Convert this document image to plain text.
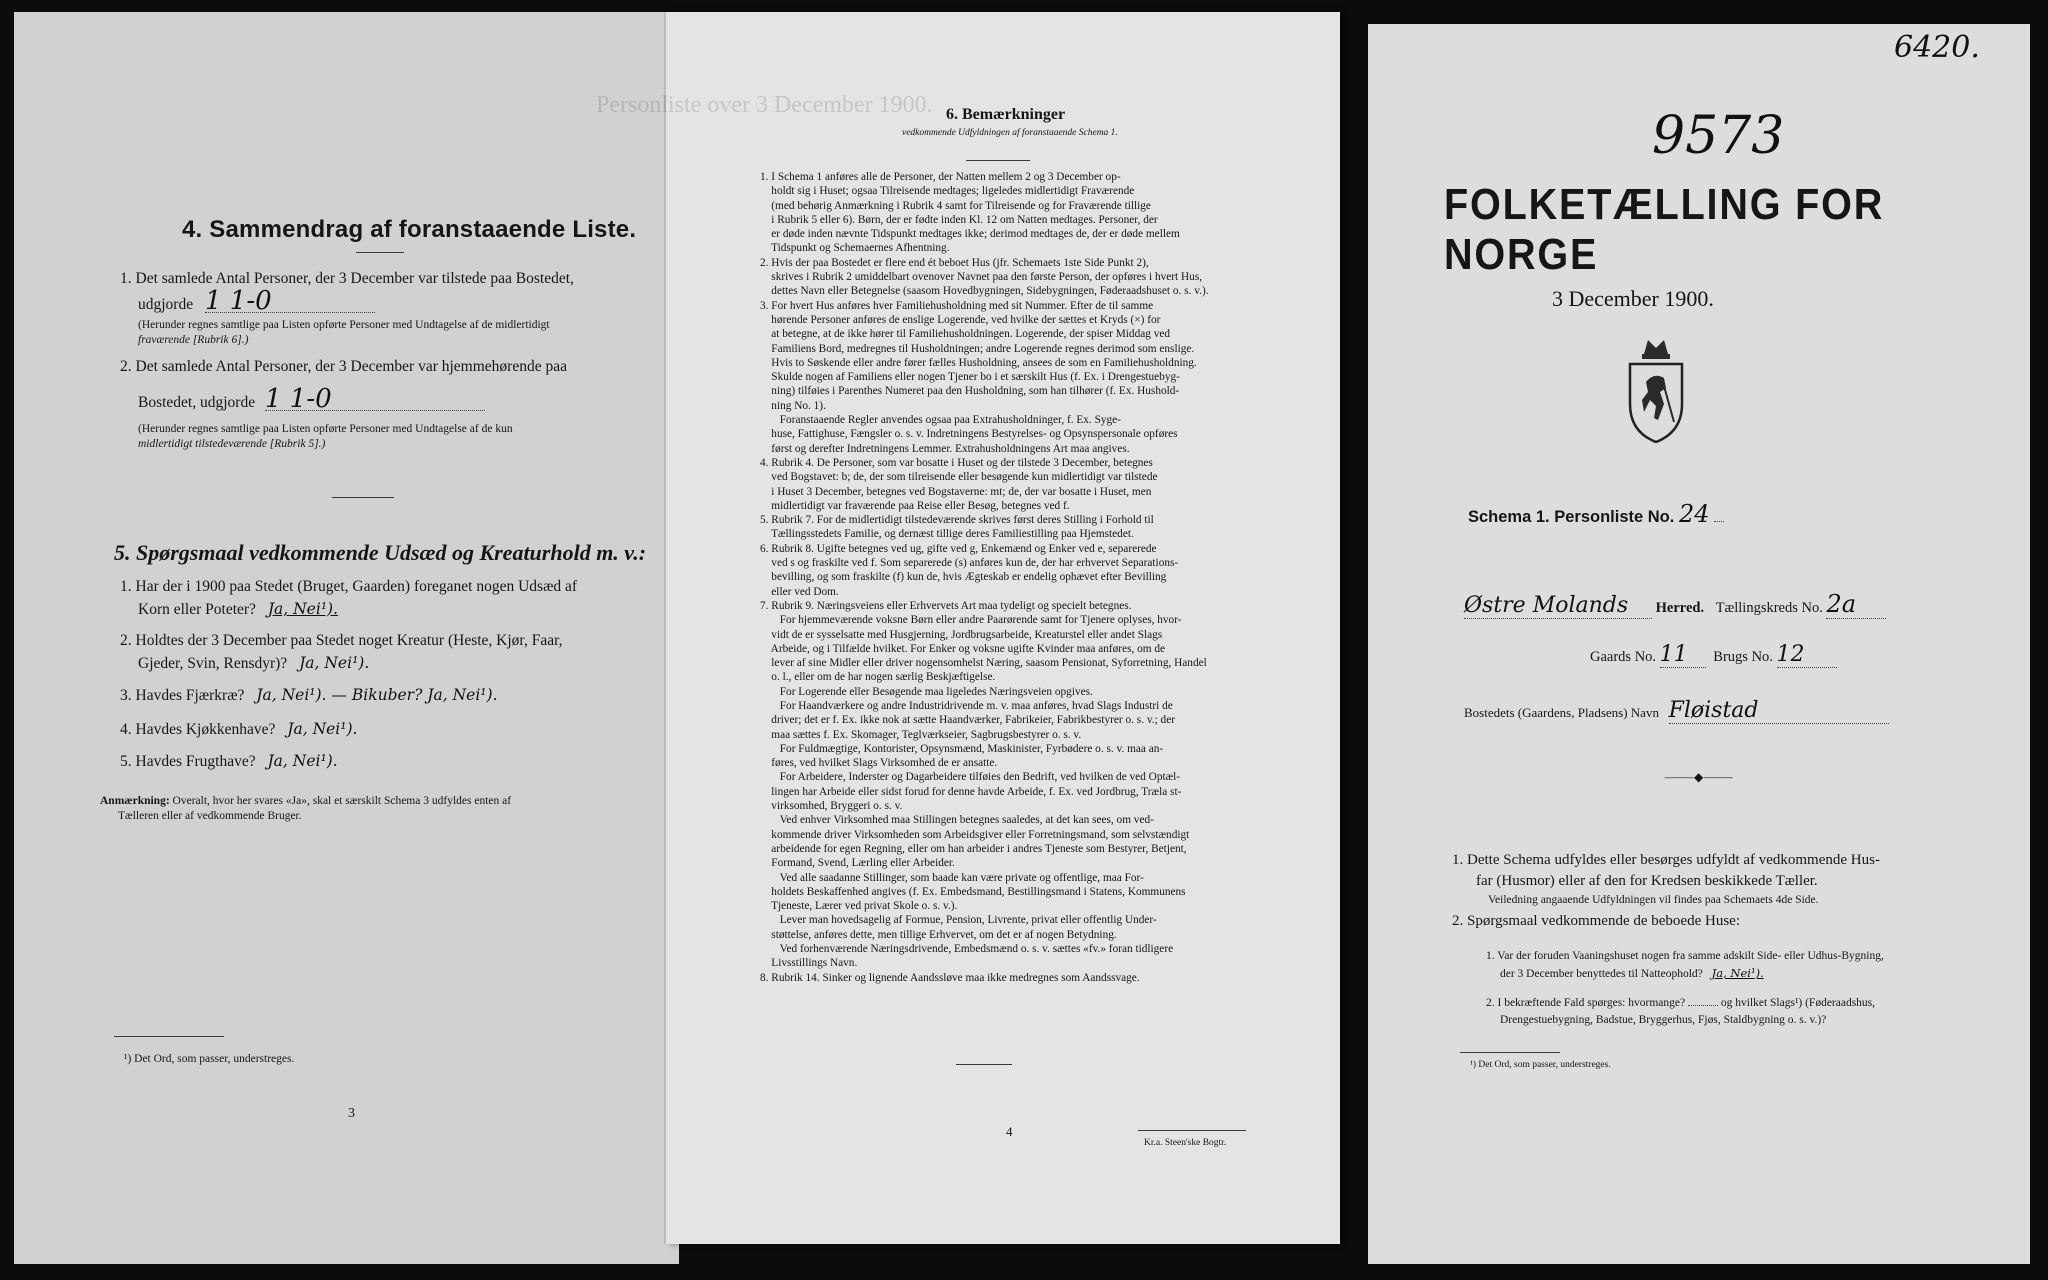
4. Sammendrag af foranstaaende Liste.
1. Det samlede Antal Personer, der 3 December var tilstede paa Bostedet,
udgjorde 1 1-0
(Herunder regnes samtlige paa Listen opførte Personer med Undtagelse af de midlertidigt
fraværende [Rubrik 6].)
2. Det samlede Antal Personer, der 3 December var hjemmehørende paa
Bostedet, udgjorde 1 1-0
(Herunder regnes samtlige paa Listen opførte Personer med Undtagelse af de kun
midlertidigt tilstedeværende [Rubrik 5].)
5. Spørgsmaal vedkommende Udsæd og Kreaturhold m. v.:
1. Har der i 1900 paa Stedet (Bruget, Gaarden) foreganet nogen Udsæd af
Korn eller Poteter? Ja, Nei¹).
2. Holdtes der 3 December paa Stedet noget Kreatur (Heste, Kjør, Faar,
Gjeder, Svin, Rensdyr)? Ja, Nei¹).
3. Havdes Fjærkræ? Ja, Nei¹). — Bikuber? Ja, Nei¹).
4. Havdes Kjøkkenhave? Ja, Nei¹).
5. Havdes Frugthave? Ja, Nei¹).
Anmærkning: Overalt, hvor her svares «Ja», skal et særskilt Schema 3 udfyldes enten af
Tælleren eller af vedkommende Bruger.
¹) Det Ord, som passer, understreges.
3
Personliste over 3 December 1900. 6. Bemærkninger
vedkommende Udfyldningen af foranstaaende Schema 1.
1. I Schema 1 anføres alle de Personer, der Natten mellem 2 og 3 December op-
holdt sig i Huset; ogsaa Tilreisende medtages; ligeledes midlertidigt Fraværende
(med behørig Anmærkning i Rubrik 4 samt for Tilreisende og for Fraværende tillige
i Rubrik 5 eller 6). Børn, der er fødte inden Kl. 12 om Natten medtages. Personer, der
er døde inden nævnte Tidspunkt medtages ikke; derimod medtages de, der er døde mellem
Tidspunkt og Schemaernes Afhentning.
2. Hvis der paa Bostedet er flere end ét beboet Hus (jfr. Schemaets 1ste Side Punkt 2),
skrives i Rubrik 2 umiddelbart ovenover Navnet paa den første Person, der opføres i hvert Hus,
dettes Navn eller Betegnelse (saasom Hovedbygningen, Sidebygningen, Føderaadshuset o. s. v.).
3. For hvert Hus anføres hver Familiehusholdning med sit Nummer. Efter de til samme
hørende Personer anføres de enslige Logerende, ved hvilke der sættes et Kryds (×) for
at betegne, at de ikke hører til Familiehusholdningen. Logerende, der spiser Middag ved
Familiens Bord, medregnes til Husholdningen; andre Logerende regnes derimod som enslige.
Hvis to Søskende eller andre fører fælles Husholdning, ansees de som en Familiehusholdning.
Skulde nogen af Familiens eller nogen Tjener bo i et særskilt Hus (f. Ex. i Drengestuebyg-
ning) tilføies i Parenthes Numeret paa den Husholdning, som han tilhører (f. Ex. Hushold-
ning No. 1).
Foranstaaende Regler anvendes ogsaa paa Extrahusholdninger, f. Ex. Syge-
huse, Fattighuse, Fængsler o. s. v. Indretningens Bestyrelses- og Opsynspersonale opføres
først og derefter Indretningens Lemmer. Extrahusholdningens Art maa angives.
4. Rubrik 4. De Personer, som var bosatte i Huset og der tilstede 3 December, betegnes
ved Bogstavet: b; de, der som tilreisende eller besøgende kun midlertidigt var tilstede
i Huset 3 December, betegnes ved Bogstaverne: mt; de, der var bosatte i Huset, men
midlertidigt var fraværende paa Reise eller Besøg, betegnes ved f.
5. Rubrik 7. For de midlertidigt tilstedeværende skrives først deres Stilling i Forhold til
Tællingsstedets Familie, og dernæst tillige deres Familiestilling paa Hjemstedet.
6. Rubrik 8. Ugifte betegnes ved ug, gifte ved g, Enkemænd og Enker ved e, separerede
ved s og fraskilte ved f. Som separerede (s) anføres kun de, der har erhvervet Separations-
bevilling, og som fraskilte (f) kun de, hvis Ægteskab er endelig ophævet efter Bevilling
eller ved Dom.
7. Rubrik 9. Næringsveiens eller Erhvervets Art maa tydeligt og specielt betegnes.
For hjemmeværende voksne Børn eller andre Paarørende samt for Tjenere oplyses, hvor-
vidt de er sysselsatte med Husgjerning, Jordbrugsarbeide, Kreaturstel eller andet Slags
Arbeide, og i Tilfælde hvilket. For Enker og voksne ugifte Kvinder maa anføres, om de
lever af sine Midler eller driver nogensomhelst Næring, saasom Pensionat, Syforretning, Handel
o. l., eller om de har nogen særlig Beskjæftigelse.
For Logerende eller Besøgende maa ligeledes Næringsveien opgives.
For Haandværkere og andre Industridrivende m. v. maa anføres, hvad Slags Industri de
driver; det er f. Ex. ikke nok at sætte Haandværker, Fabrikeier, Fabrikbestyrer o. s. v.; der
maa sættes f. Ex. Skomager, Teglværkseier, Sagbrugsbestyrer o. s. v.
For Fuldmægtige, Kontorister, Opsynsmænd, Maskinister, Fyrbødere o. s. v. maa an-
føres, ved hvilket Slags Virksomhed de er ansatte.
For Arbeidere, Inderster og Dagarbeidere tilføies den Bedrift, ved hvilken de ved Optæl-
lingen har Arbeide eller sidst forud for denne havde Arbeide, f. Ex. ved Jordbrug, Træla st-
virksomhed, Bryggeri o. s. v.
Ved enhver Virksomhed maa Stillingen betegnes saaledes, at det kan sees, om ved-
kommende driver Virksomheden som Arbeidsgiver eller Forretningsmand, som selvstændigt
arbeidende for egen Regning, eller om han arbeider i andres Tjeneste som Bestyrer, Betjent,
Formand, Svend, Lærling eller Arbeider.
Ved alle saadanne Stillinger, som baade kan være private og offentlige, maa For-
holdets Beskaffenhed angives (f. Ex. Embedsmand, Bestillingsmand i Statens, Kommunens
Tjeneste, Lærer ved privat Skole o. s. v.).
Lever man hovedsagelig af Formue, Pension, Livrente, privat eller offentlig Under-
støttelse, anføres dette, men tillige Erhvervet, om det er af nogen Betydning.
Ved forhenværende Næringsdrivende, Embedsmænd o. s. v. sættes «fv.» foran tidligere
Livsstillings Navn.
8. Rubrik 14. Sinker og lignende Aandssløve maa ikke medregnes som Aandssvage.
4
Kr.a. Steen'ske Bogtr.
6420.
9573
FOLKETÆLLING FOR NORGE
3 December 1900.
Schema 1. Personliste No. 24
Østre Molands Herred. Tællingskreds No. 2a
Gaards No. 11 Brugs No. 12
Bostedets (Gaardens, Pladsens) Navn Fløistad
⸻◆⸻
1. Dette Schema udfyldes eller besørges udfyldt af vedkommende Hus-
far (Husmor) eller af den for Kredsen beskikkede Tæller.
Veiledning angaaende Udfyldningen vil findes paa Schemaets 4de Side.
2. Spørgsmaal vedkommende de beboede Huse:
1. Var der foruden Vaaningshuset nogen fra samme adskilt Side- eller Udhus-Bygning,
der 3 December benyttedes til Natteophold? Ja, Nei¹).
2. I bekræftende Fald spørges: hvormange?	og hvilket Slags¹) (Føderaadshus,
Drengestuebygning, Badstue, Bryggerhus, Fjøs, Staldbygning o. s. v.)?
¹) Det Ord, som passer, understreges.
